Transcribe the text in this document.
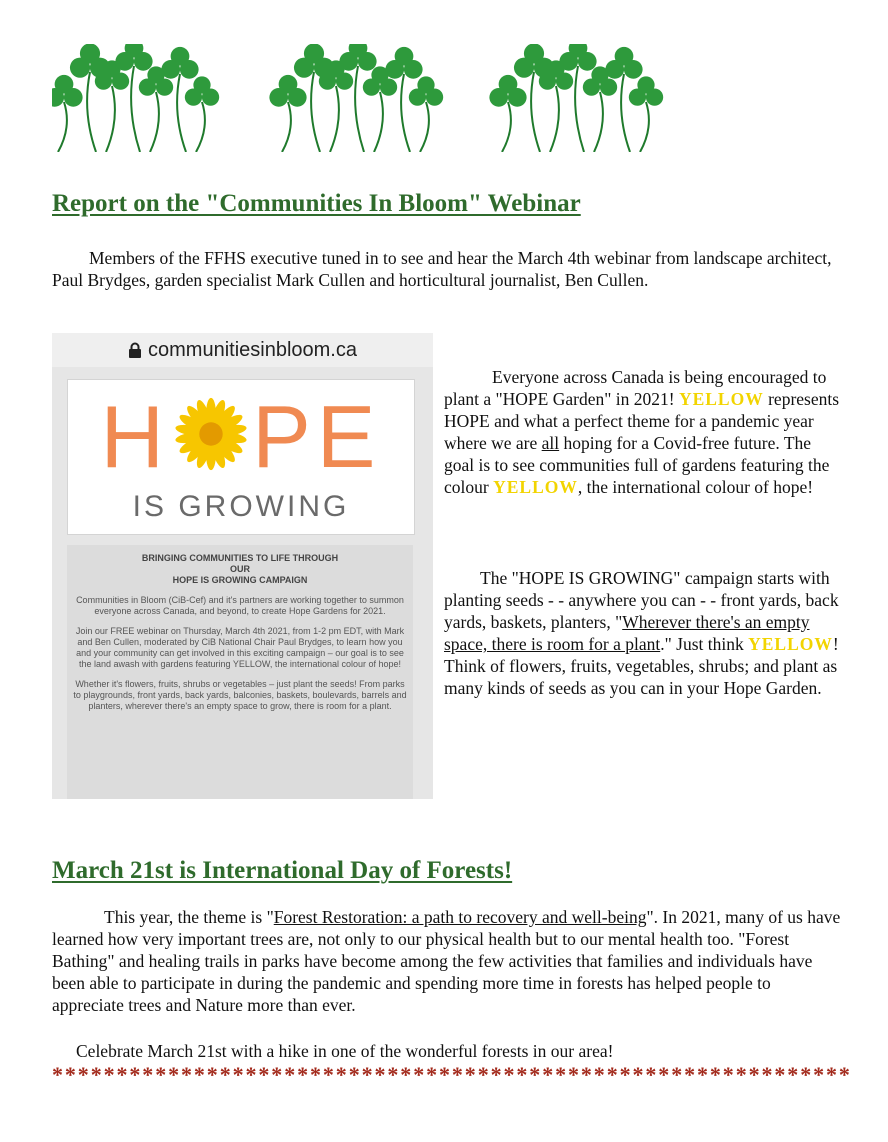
Report on the "Communities In Bloom" Webinar

Members of the FFHS executive tuned in to see and hear the March 4th webinar from landscape architect, Paul Brydges, garden specialist Mark Cullen and horticultural journalist, Ben Cullen.

communitiesinbloom.ca
H PE
IS GROWING

BRINGING COMMUNITIES TO LIFE THROUGH
OUR
HOPE IS GROWING CAMPAIGN

Communities in Bloom (CiB-Cef) and it's partners are working together to summon everyone across Canada, and beyond, to create Hope Gardens for 2021.

Join our FREE webinar on Thursday, March 4th 2021, from 1-2 pm EDT, with Mark and Ben Cullen, moderated by CiB National Chair Paul Brydges, to learn how you and your community can get involved in this exciting campaign – our goal is to see the land awash with gardens featuring YELLOW, the international colour of hope!

Whether it's flowers, fruits, shrubs or vegetables – just plant the seeds! From parks to playgrounds, front yards, back yards, balconies, baskets, boulevards, barrels and planters, wherever there's an empty space to grow, there is room for a plant.

Everyone across Canada is being encouraged to plant a "HOPE Garden" in 2021! YELLOW represents HOPE and what a perfect theme for a pandemic year where we are all hoping for a Covid-free future. The goal is to see communities full of gardens featuring the colour YELLOW, the international colour of hope!

The "HOPE IS GROWING" campaign starts with planting seeds - - anywhere you can - - front yards, back yards, baskets, planters, "Wherever there's an empty space, there is room for a plant." Just think YELLOW! Think of flowers, fruits, vegetables, shrubs; and plant as many kinds of seeds as you can in your Hope Garden.

March 21st is International Day of Forests!

This year, the theme is "Forest Restoration: a path to recovery and well-being". In 2021, many of us have learned how very important trees are, not only to our physical health but to our mental health too. "Forest Bathing" and healing trails in parks have become among the few activities that families and individuals have been able to participate in during the pandemic and spending more time in forests has helped people to appreciate trees and Nature more than ever.

Celebrate March 21st with a hike in one of the wonderful forests in our area!

**************************************************************
